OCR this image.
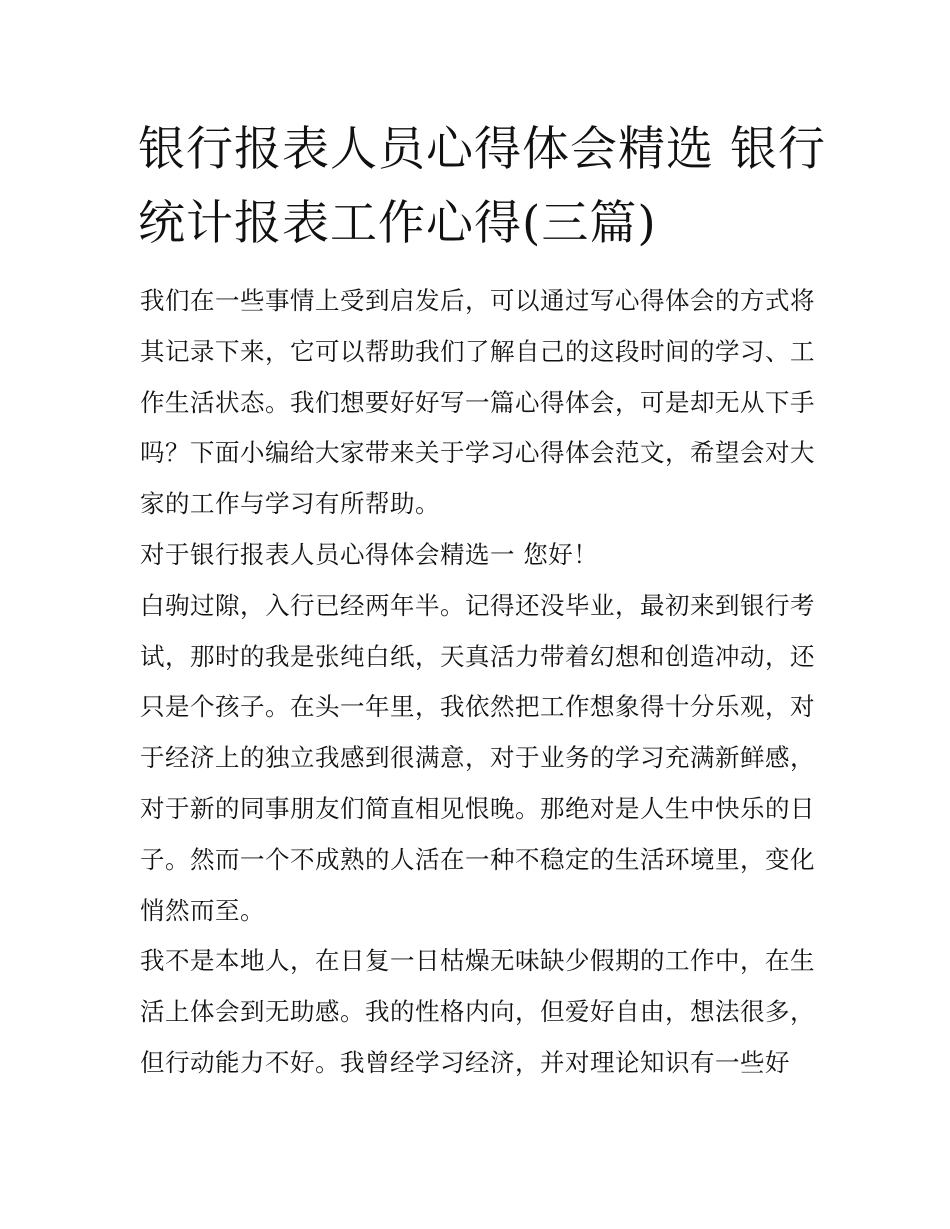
银行报表人员心得体会精选 银行统计报表工作心得(三篇)

我们在一些事情上受到启发后，可以通过写心得体会的方式将其记录下来，它可以帮助我们了解自己的这段时间的学习、工作生活状态。我们想要好好写一篇心得体会，可是却无从下手吗？下面小编给大家带来关于学习心得体会范文，希望会对大家的工作与学习有所帮助。

对于银行报表人员心得体会精选一 您好！

白驹过隙，入行已经两年半。记得还没毕业，最初来到银行考试，那时的我是张纯白纸，天真活力带着幻想和创造冲动，还只是个孩子。在头一年里，我依然把工作想象得十分乐观，对于经济上的独立我感到很满意，对于业务的学习充满新鲜感，对于新的同事朋友们简直相见恨晚。那绝对是人生中快乐的日子。然而一个不成熟的人活在一种不稳定的生活环境里，变化悄然而至。

我不是本地人，在日复一日枯燥无味缺少假期的工作中，在生活上体会到无助感。我的性格内向，但爱好自由，想法很多，但行动能力不好。我曾经学习经济，并对理论知识有一些好
